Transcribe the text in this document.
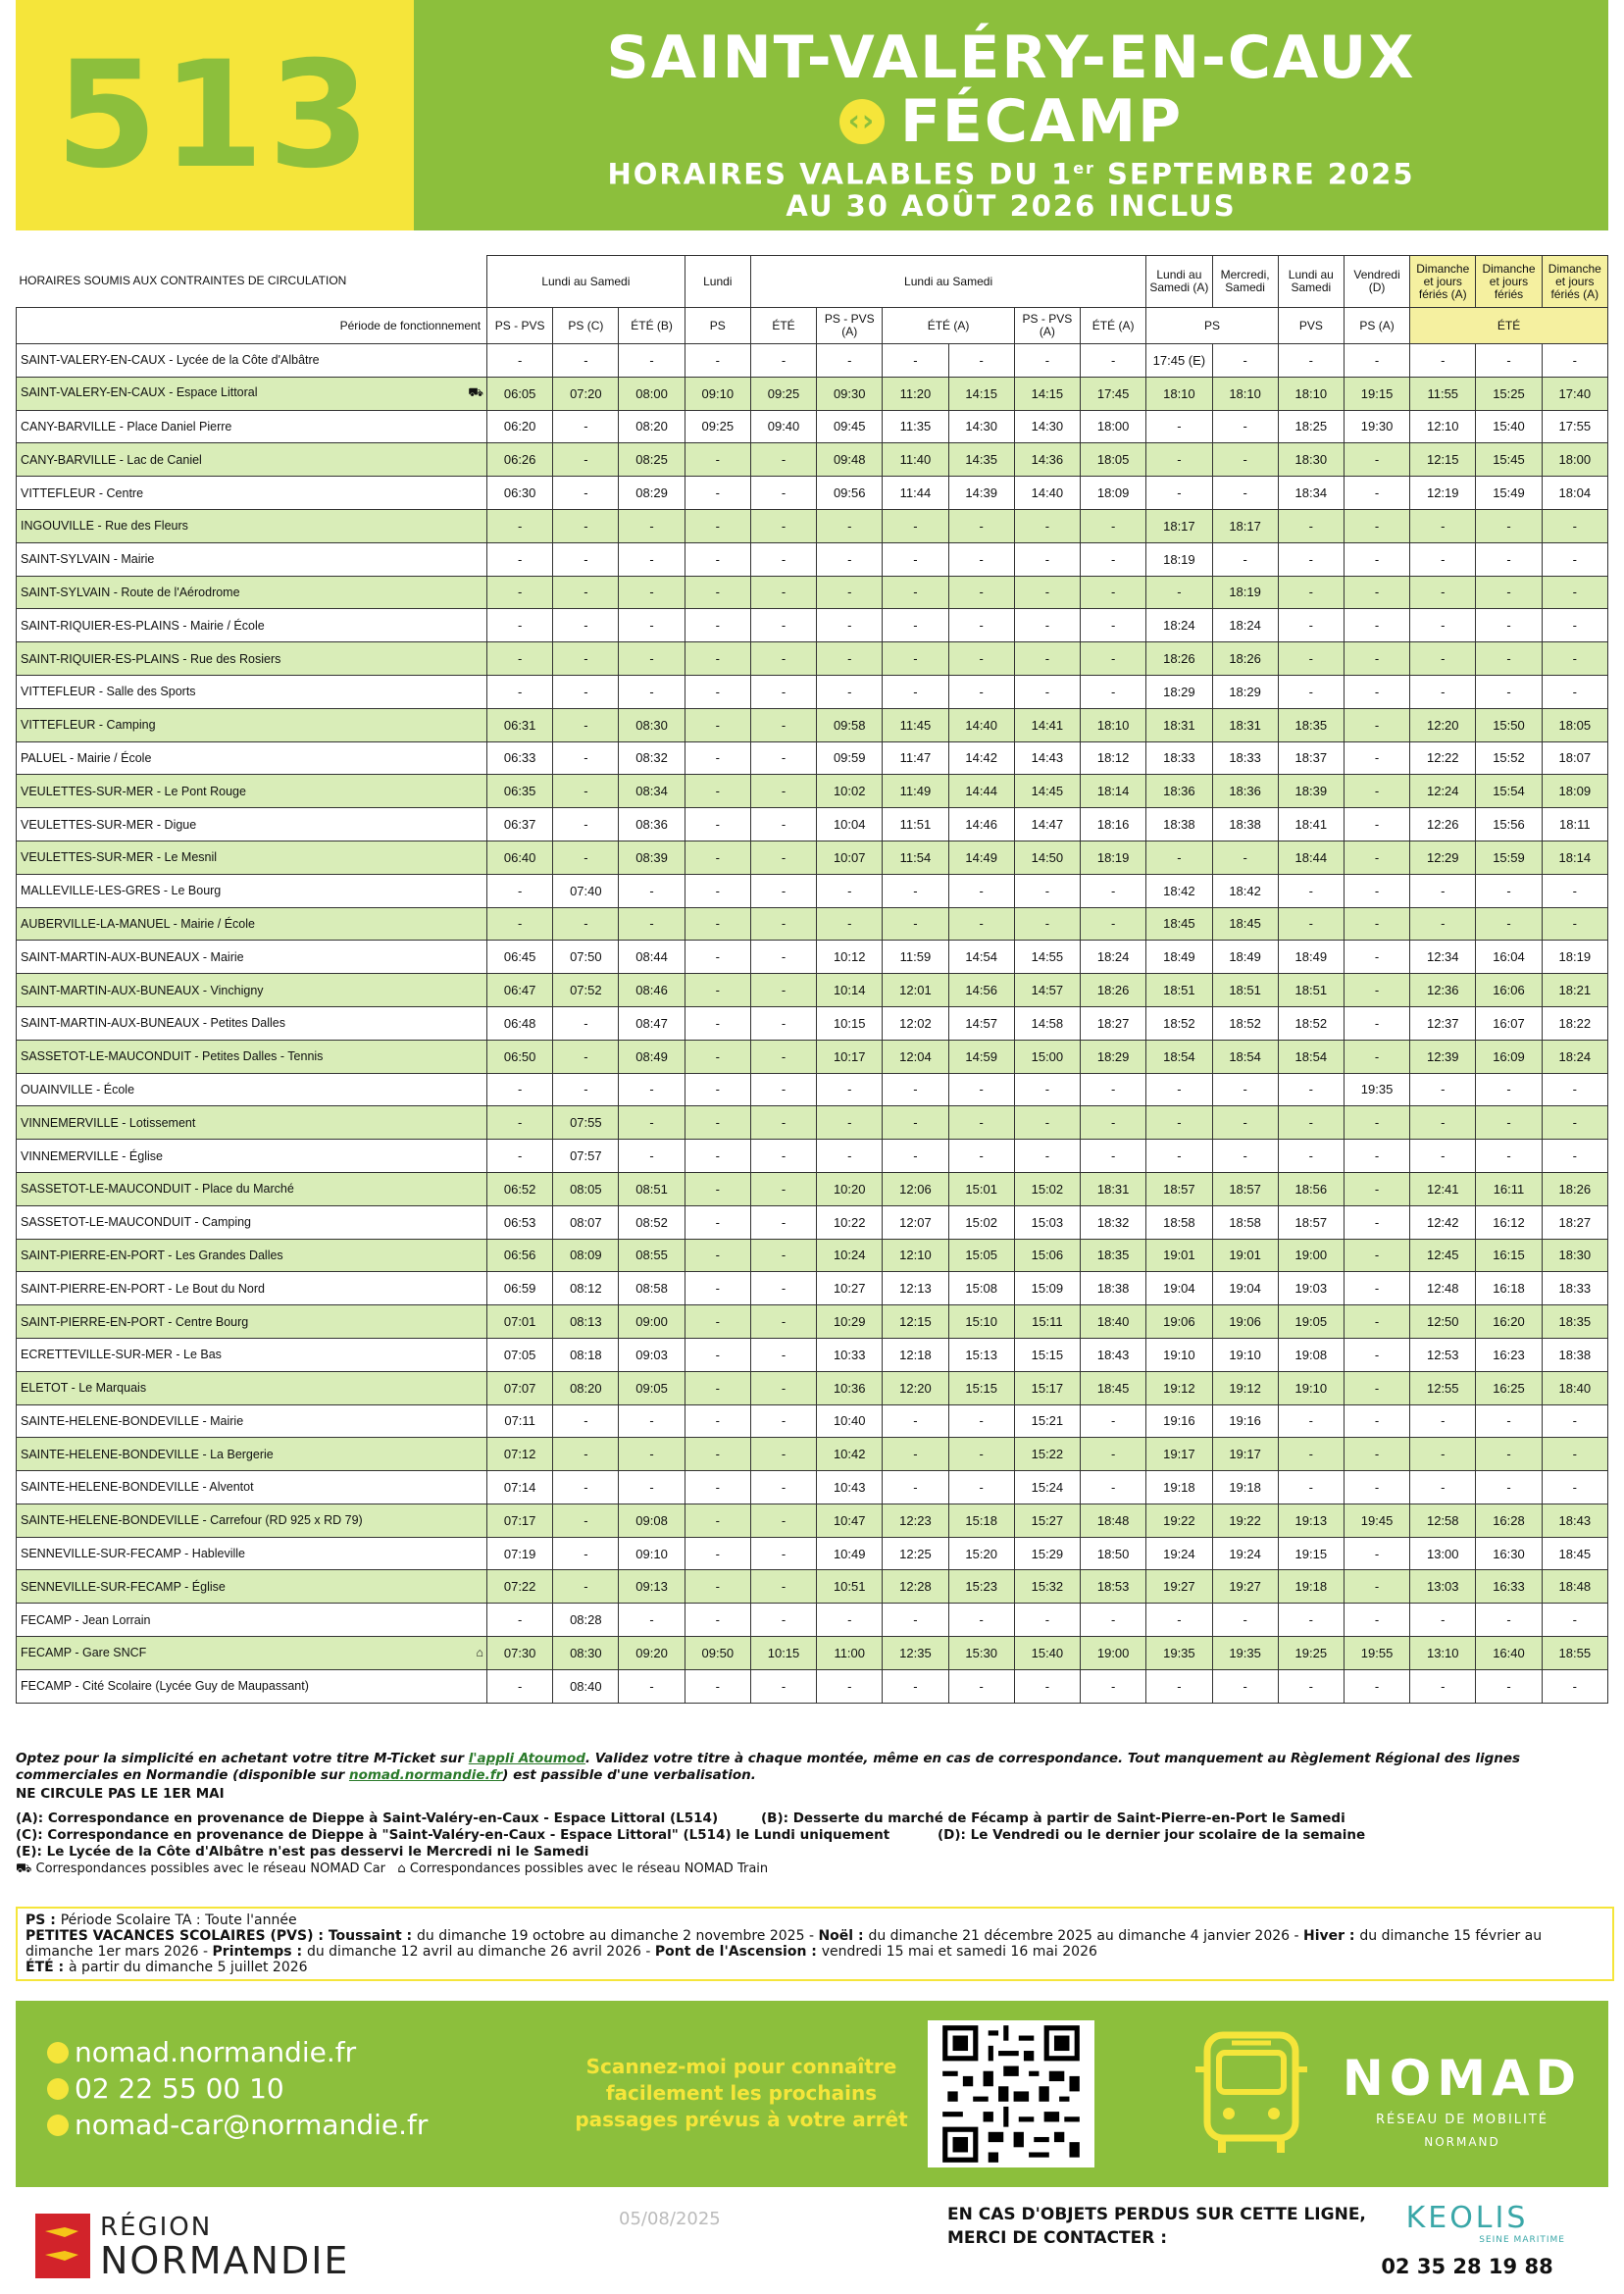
513	SAINT-VALÉRY-EN-CAUX
‹› FÉCAMP
HORAIRES VALABLES DU 1er SEPTEMBRE 2025
AU 30 AOÛT 2026 INCLUS
HORAIRES SOUMIS AUX CONTRAINTES DE CIRCULATION	Lundi au Samedi			Lundi	Lundi au Samedi						Lundi au Samedi (A)	Mercredi, Samedi	Lundi au Samedi	Vendredi (D)	Dimanche et jours fériés (A)	Dimanche et jours fériés	Dimanche et jours fériés (A)
Période de fonctionnement	PS - PVS	PS (C)	ÉTÉ (B)	PS	ÉTÉ	PS - PVS (A)	ÉTÉ (A)		PS - PVS (A)	ÉTÉ (A)	PS		PVS	PS (A)	ÉTÉ		
SAINT-VALERY-EN-CAUX - Lycée de la Côte d'Albâtre	-	-	-	-	-	-	-	-	-	-	17:45 (E)	-	-	-	-	-	-
SAINT-VALERY-EN-CAUX - Espace Littoral ⛟	06:05	07:20	08:00	09:10	09:25	09:30	11:20	14:15	14:15	17:45	18:10	18:10	18:10	19:15	11:55	15:25	17:40
CANY-BARVILLE - Place Daniel Pierre	06:20	-	08:20	09:25	09:40	09:45	11:35	14:30	14:30	18:00	-	-	18:25	19:30	12:10	15:40	17:55
CANY-BARVILLE - Lac de Caniel	06:26	-	08:25	-	-	09:48	11:40	14:35	14:36	18:05	-	-	18:30	-	12:15	15:45	18:00
VITTEFLEUR - Centre	06:30	-	08:29	-	-	09:56	11:44	14:39	14:40	18:09	-	-	18:34	-	12:19	15:49	18:04
INGOUVILLE - Rue des Fleurs	-	-	-	-	-	-	-	-	-	-	18:17	18:17	-	-	-	-	-
SAINT-SYLVAIN - Mairie	-	-	-	-	-	-	-	-	-	-	18:19	-	-	-	-	-	-
SAINT-SYLVAIN - Route de l'Aérodrome	-	-	-	-	-	-	-	-	-	-	-	18:19	-	-	-	-	-
SAINT-RIQUIER-ES-PLAINS - Mairie / École	-	-	-	-	-	-	-	-	-	-	18:24	18:24	-	-	-	-	-
SAINT-RIQUIER-ES-PLAINS - Rue des Rosiers	-	-	-	-	-	-	-	-	-	-	18:26	18:26	-	-	-	-	-
VITTEFLEUR - Salle des Sports	-	-	-	-	-	-	-	-	-	-	18:29	18:29	-	-	-	-	-
VITTEFLEUR - Camping	06:31	-	08:30	-	-	09:58	11:45	14:40	14:41	18:10	18:31	18:31	18:35	-	12:20	15:50	18:05
PALUEL - Mairie / École	06:33	-	08:32	-	-	09:59	11:47	14:42	14:43	18:12	18:33	18:33	18:37	-	12:22	15:52	18:07
VEULETTES-SUR-MER - Le Pont Rouge	06:35	-	08:34	-	-	10:02	11:49	14:44	14:45	18:14	18:36	18:36	18:39	-	12:24	15:54	18:09
VEULETTES-SUR-MER - Digue	06:37	-	08:36	-	-	10:04	11:51	14:46	14:47	18:16	18:38	18:38	18:41	-	12:26	15:56	18:11
VEULETTES-SUR-MER - Le Mesnil	06:40	-	08:39	-	-	10:07	11:54	14:49	14:50	18:19	-	-	18:44	-	12:29	15:59	18:14
MALLEVILLE-LES-GRES - Le Bourg	-	07:40	-	-	-	-	-	-	-	-	18:42	18:42	-	-	-	-	-
AUBERVILLE-LA-MANUEL - Mairie / École	-	-	-	-	-	-	-	-	-	-	18:45	18:45	-	-	-	-	-
SAINT-MARTIN-AUX-BUNEAUX - Mairie	06:45	07:50	08:44	-	-	10:12	11:59	14:54	14:55	18:24	18:49	18:49	18:49	-	12:34	16:04	18:19
SAINT-MARTIN-AUX-BUNEAUX - Vinchigny	06:47	07:52	08:46	-	-	10:14	12:01	14:56	14:57	18:26	18:51	18:51	18:51	-	12:36	16:06	18:21
SAINT-MARTIN-AUX-BUNEAUX - Petites Dalles	06:48	-	08:47	-	-	10:15	12:02	14:57	14:58	18:27	18:52	18:52	18:52	-	12:37	16:07	18:22
SASSETOT-LE-MAUCONDUIT - Petites Dalles - Tennis	06:50	-	08:49	-	-	10:17	12:04	14:59	15:00	18:29	18:54	18:54	18:54	-	12:39	16:09	18:24
OUAINVILLE - École	-	-	-	-	-	-	-	-	-	-	-	-	-	19:35	-	-	-
VINNEMERVILLE - Lotissement	-	07:55	-	-	-	-	-	-	-	-	-	-	-	-	-	-	-
VINNEMERVILLE - Église	-	07:57	-	-	-	-	-	-	-	-	-	-	-	-	-	-	-
SASSETOT-LE-MAUCONDUIT - Place du Marché	06:52	08:05	08:51	-	-	10:20	12:06	15:01	15:02	18:31	18:57	18:57	18:56	-	12:41	16:11	18:26
SASSETOT-LE-MAUCONDUIT - Camping	06:53	08:07	08:52	-	-	10:22	12:07	15:02	15:03	18:32	18:58	18:58	18:57	-	12:42	16:12	18:27
SAINT-PIERRE-EN-PORT - Les Grandes Dalles	06:56	08:09	08:55	-	-	10:24	12:10	15:05	15:06	18:35	19:01	19:01	19:00	-	12:45	16:15	18:30
SAINT-PIERRE-EN-PORT - Le Bout du Nord	06:59	08:12	08:58	-	-	10:27	12:13	15:08	15:09	18:38	19:04	19:04	19:03	-	12:48	16:18	18:33
SAINT-PIERRE-EN-PORT - Centre Bourg	07:01	08:13	09:00	-	-	10:29	12:15	15:10	15:11	18:40	19:06	19:06	19:05	-	12:50	16:20	18:35
ECRETTEVILLE-SUR-MER - Le Bas	07:05	08:18	09:03	-	-	10:33	12:18	15:13	15:15	18:43	19:10	19:10	19:08	-	12:53	16:23	18:38
ELETOT - Le Marquais	07:07	08:20	09:05	-	-	10:36	12:20	15:15	15:17	18:45	19:12	19:12	19:10	-	12:55	16:25	18:40
SAINTE-HELENE-BONDEVILLE - Mairie	07:11	-	-	-	-	10:40	-	-	15:21	-	19:16	19:16	-	-	-	-	-
SAINTE-HELENE-BONDEVILLE - La Bergerie	07:12	-	-	-	-	10:42	-	-	15:22	-	19:17	19:17	-	-	-	-	-
SAINTE-HELENE-BONDEVILLE - Alventot	07:14	-	-	-	-	10:43	-	-	15:24	-	19:18	19:18	-	-	-	-	-
SAINTE-HELENE-BONDEVILLE - Carrefour (RD 925 x RD 79)	07:17	-	09:08	-	-	10:47	12:23	15:18	15:27	18:48	19:22	19:22	19:13	19:45	12:58	16:28	18:43
SENNEVILLE-SUR-FECAMP - Hableville	07:19	-	09:10	-	-	10:49	12:25	15:20	15:29	18:50	19:24	19:24	19:15	-	13:00	16:30	18:45
SENNEVILLE-SUR-FECAMP - Église	07:22	-	09:13	-	-	10:51	12:28	15:23	15:32	18:53	19:27	19:27	19:18	-	13:03	16:33	18:48
FECAMP - Jean Lorrain	-	08:28	-	-	-	-	-	-	-	-	-	-	-	-	-	-	-
FECAMP - Gare SNCF ⌂	07:30	08:30	09:20	09:50	10:15	11:00	12:35	15:30	15:40	19:00	19:35	19:35	19:25	19:55	13:10	16:40	18:55
FECAMP - Cité Scolaire (Lycée Guy de Maupassant)	-	08:40	-	-	-	-	-	-	-	-	-	-	-	-	-	-	-
Optez pour la simplicité en achetant votre titre M-Ticket sur l'appli Atoumod. Validez votre titre à chaque montée, même en cas de correspondance. Tout manquement au Règlement Régional des lignes commerciales en Normandie (disponible sur nomad.normandie.fr) est passible d'une verbalisation.
NE CIRCULE PAS LE 1ER MAI
(A): Correspondance en provenance de Dieppe à Saint-Valéry-en-Caux - Espace Littoral (L514)	(B): Desserte du marché de Fécamp à partir de Saint-Pierre-en-Port le Samedi
(C): Correspondance en provenance de Dieppe à "Saint-Valéry-en-Caux - Espace Littoral" (L514) le Lundi uniquement	(D): Le Vendredi ou le dernier jour scolaire de la semaine
(E): Le Lycée de la Côte d'Albâtre n'est pas desservi le Mercredi ni le Samedi
⛟ Correspondances possibles avec le réseau NOMAD Car ⌂ Correspondances possibles avec le réseau NOMAD Train
PS : Période Scolaire TA : Toute l'année
PETITES VACANCES SCOLAIRES (PVS) : Toussaint : du dimanche 19 octobre au dimanche 2 novembre 2025 - Noël : du dimanche 21 décembre 2025 au dimanche 4 janvier 2026 - Hiver : du dimanche 15 février au dimanche 1er mars 2026 - Printemps : du dimanche 12 avril au dimanche 26 avril 2026 - Pont de l'Ascension : vendredi 15 mai et samedi 16 mai 2026
ÉTÉ : à partir du dimanche 5 juillet 2026
nomad.normandie.fr
02 22 55 00 10
nomad-car@normandie.fr
Scannez-moi pour connaître facilement les prochains passages prévus à votre arrêt
NOMAD
RÉSEAU DE MOBILITÉ
NORMAND
RÉGION
NORMANDIE
05/08/2025	EN CAS D'OBJETS PERDUS SUR CETTE LIGNE,
MERCI DE CONTACTER :
KEOLIS
SEINE MARITIME
02 35 28 19 88
